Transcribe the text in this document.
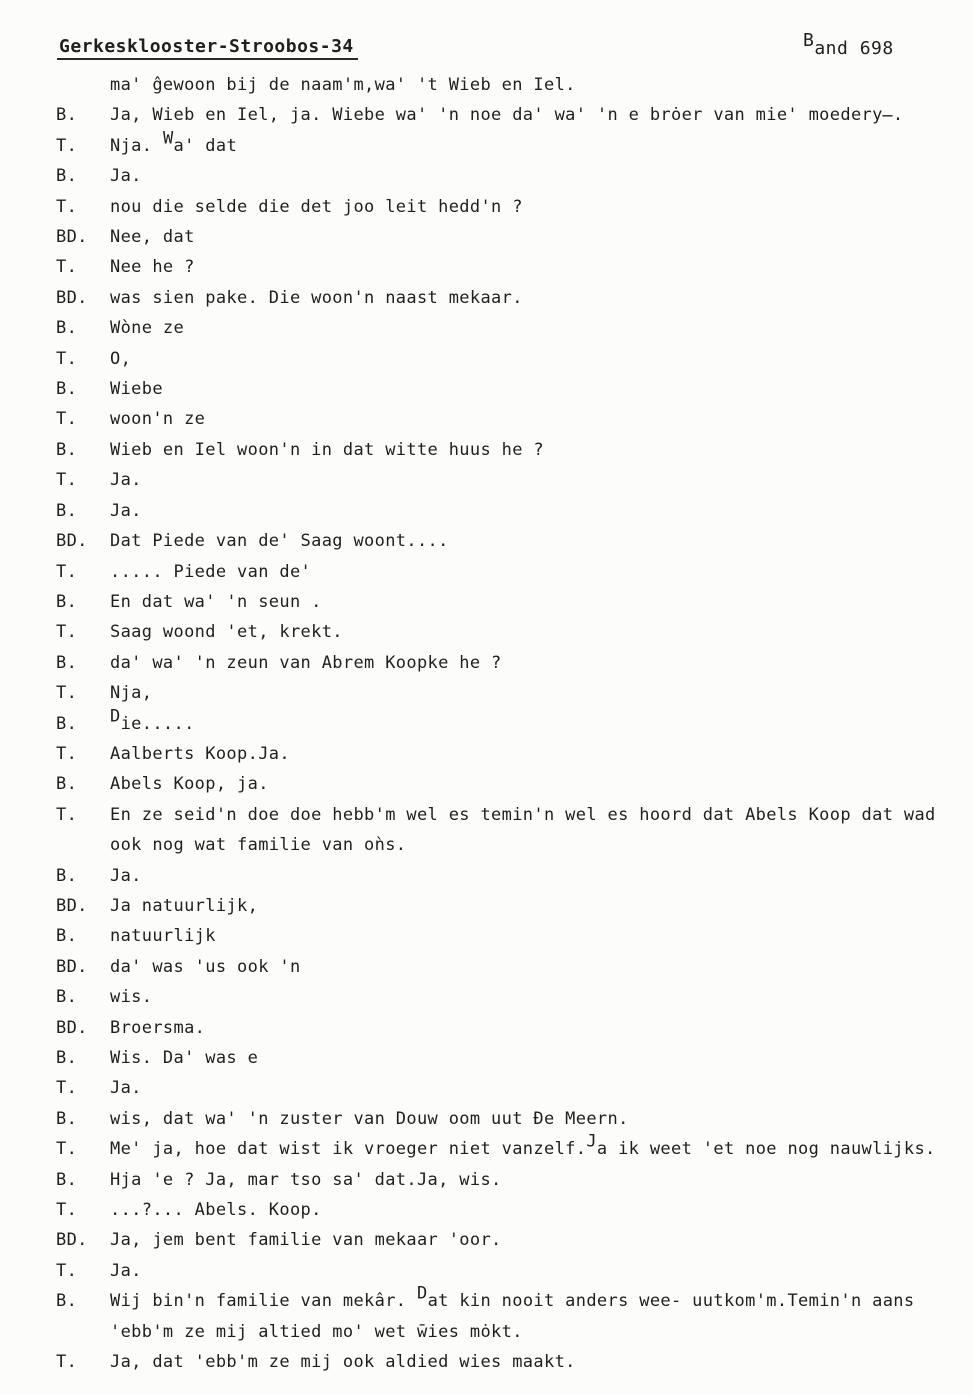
Gerkesklooster-Stroobos-34	$^B$and 698
ma' ĝewoon bij de naam'm,wa' 't Wieb en Iel.
B.	Ja, Wieb en Iel, ja. Wiebe wa' 'n noe da' wa' 'n e brȯer van mie' moedery̶.
T.	Nja. $^W$a' dat
B.	Ja.
T.	nou die selde die det joo leit hedd'n ?
BD.	Nee, dat
T.	Nee he ?
BD.	was sien pake. Die woon'n naast mekaar.
B.	Wòne ze
T.	O,
B.	Wiebe
T.	woon'n ze
B.	Wieb en Iel woon'n in dat witte huus he ?
T.	Ja.
B.	Ja.
BD.	Dat Piede van de' Saag woont....
T.	..... Piede van de'
B.	En dat wa' 'n seun .
T.	Saag woond 'et, krekt.
B.	da' wa' 'n zeun van Abrem Koopke he ?
T.	Nja,
B.	$^D$ie.....
T.	Aalberts Koop.Ja.
B.	Abels Koop, ja.
T.	En ze seid'n doe doe hebb'm wel es temin'n wel es hoord dat Abels Koop dat wad
ook nog wat familie van oǹs.
B.	Ja.
BD.	Ja natuurlijk,
B.	natuurlijk
BD.	da' was 'us ook 'n
B.	wis.
BD.	Broersma.
B.	Wis. Da' was e
T.	Ja.
B.	wis, dat wa' 'n zuster van Douw oom uut Đe Meern.
T.	Me' ja, hoe dat wist ik vroeger niet vanzelf.$^J$a ik weet 'et noe nog nauwlijks.
B.	Hja 'e ? Ja, mar tso sa' dat.Ja, wis.
T.	...?... Abels. Koop.
BD.	Ja, jem bent familie van mekaar 'oor.
T.	Ja.
B.	Wij bin'n familie van mekâr. $^D$at kin nooit anders wee- uutkom'm.Temin'n aans
'ebb'm ze mij altied mo' wet w̄ies mȯkt.
T.	Ja, dat 'ebb'm ze mij ook aldied wies maakt.
